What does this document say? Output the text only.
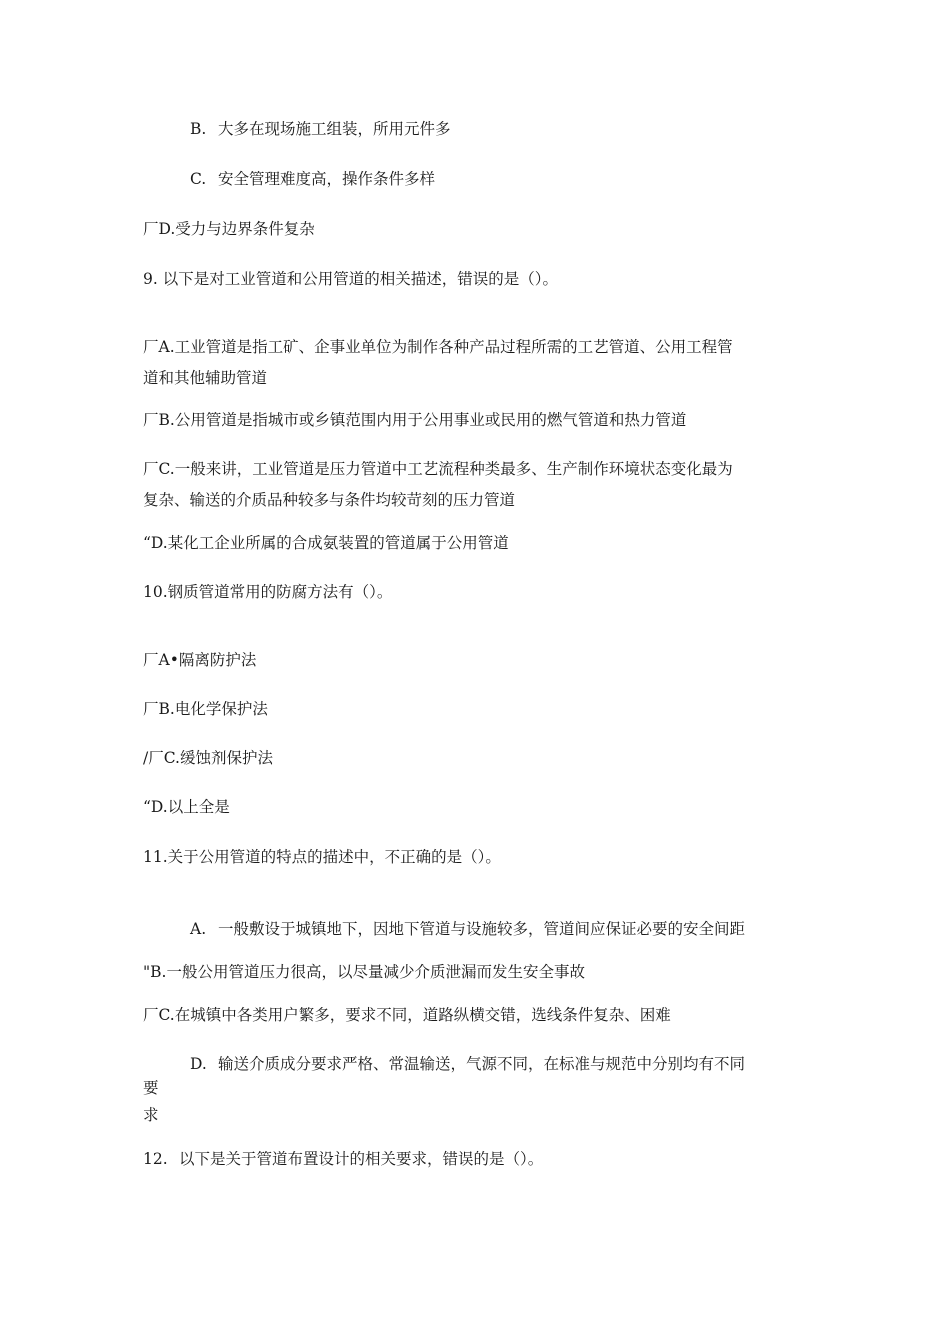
B. 大多在现场施工组装，所用元件多
C. 安全管理难度高，操作条件多样
厂D.受力与边界条件复杂
9. 以下是对工业管道和公用管道的相关描述，错误的是（）。
厂A.工业管道是指工矿、企事业单位为制作各种产品过程所需的工艺管道、公用工程管
道和其他辅助管道
厂B.公用管道是指城市或乡镇范围内用于公用事业或民用的燃气管道和热力管道
厂C.一般来讲，工业管道是压力管道中工艺流程种类最多、生产制作环境状态变化最为
复杂、输送的介质品种较多与条件均较苛刻的压力管道
“D.某化工企业所属的合成氨装置的管道属于公用管道
10.钢质管道常用的防腐方法有（）。
厂A•隔离防护法
厂B.电化学保护法
/厂C.缓蚀剂保护法
“D.以上全是
11.关于公用管道的特点的描述中，不正确的是（）。
A. 一般敷设于城镇地下，因地下管道与设施较多，管道间应保证必要的安全间距
"B.一般公用管道压力很高，以尽量减少介质泄漏而发生安全事故
厂C.在城镇中各类用户繁多，要求不同，道路纵横交错，选线条件复杂、困难
D. 输送介质成分要求严格、常温输送，气源不同，在标准与规范中分别均有不同
要
求
12. 以下是关于管道布置设计的相关要求，错误的是（）。
